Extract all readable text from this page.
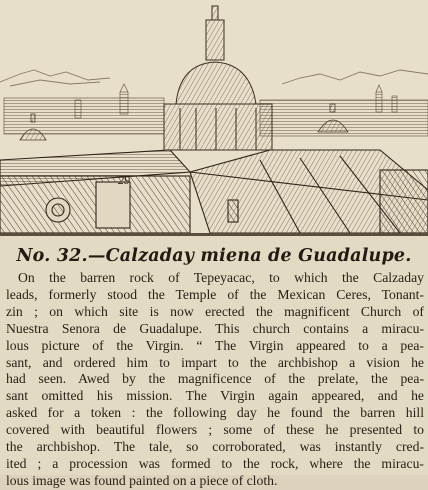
29
No. 32.—Calzaday miena de Guadalupe.
On the barren rock of Tepeyacac, to which the Calzaday
leads, formerly stood the Temple of the Mexican Ceres, Tonant-
zin ; on which site is now erected the magnificent Church of
Nuestra Senora de Guadalupe. This church contains a miracu-
lous picture of the Virgin. “ The Virgin appeared to a pea-
sant, and ordered him to impart to the archbishop a vision he
had seen. Awed by the magnificence of the prelate, the pea-
sant omitted his mission. The Virgin again appeared, and he
asked for a token : the following day he found the barren hill
covered with beautiful flowers ; some of these he presented to
the archbishop. The tale, so corroborated, was instantly cred-
ited ; a procession was formed to the rock, where the miracu-
lous image was found painted on a piece of cloth.
